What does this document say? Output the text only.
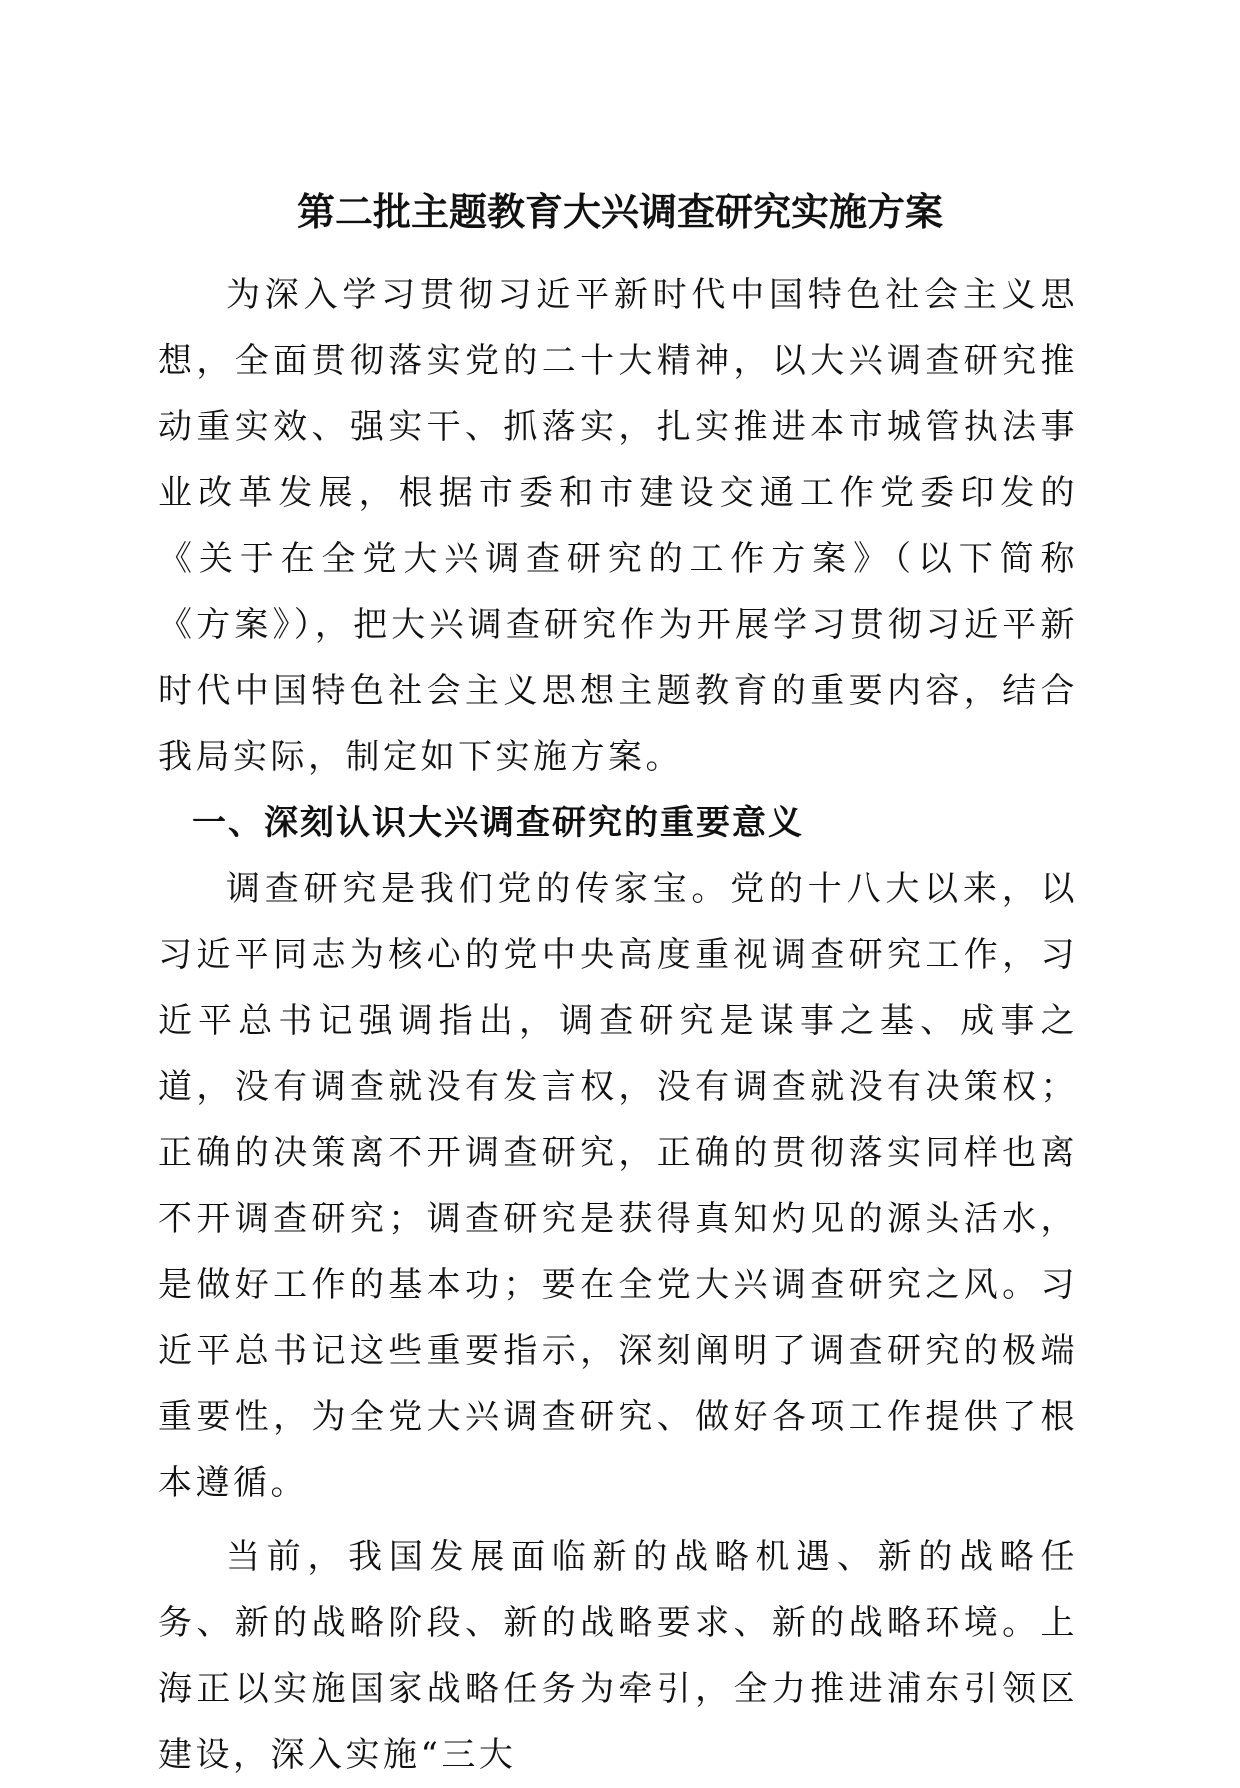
第二批主题教育大兴调查研究实施方案

为深入学习贯彻习近平新时代中国特色社会主义思想，全面贯彻落实党的二十大精神，以大兴调查研究推动重实效、强实干、抓落实，扎实推进本市城管执法事业改革发展，根据市委和市建设交通工作党委印发的《关于在全党大兴调查研究的工作方案》（以下简称《方案》），把大兴调查研究作为开展学习贯彻习近平新时代中国特色社会主义思想主题教育的重要内容，结合我局实际，制定如下实施方案。

一、深刻认识大兴调查研究的重要意义

调查研究是我们党的传家宝。党的十八大以来，以习近平同志为核心的党中央高度重视调查研究工作，习近平总书记强调指出，调查研究是谋事之基、成事之道，没有调查就没有发言权，没有调查就没有决策权；正确的决策离不开调查研究，正确的贯彻落实同样也离不开调查研究；调查研究是获得真知灼见的源头活水，是做好工作的基本功；要在全党大兴调查研究之风。习近平总书记这些重要指示，深刻阐明了调查研究的极端重要性，为全党大兴调查研究、做好各项工作提供了根本遵循。

当前，我国发展面临新的战略机遇、新的战略任务、新的战略阶段、新的战略要求、新的战略环境。上海正以实施国家战略任务为牵引，全力推进浦东引领区建设，深入实施“三大
